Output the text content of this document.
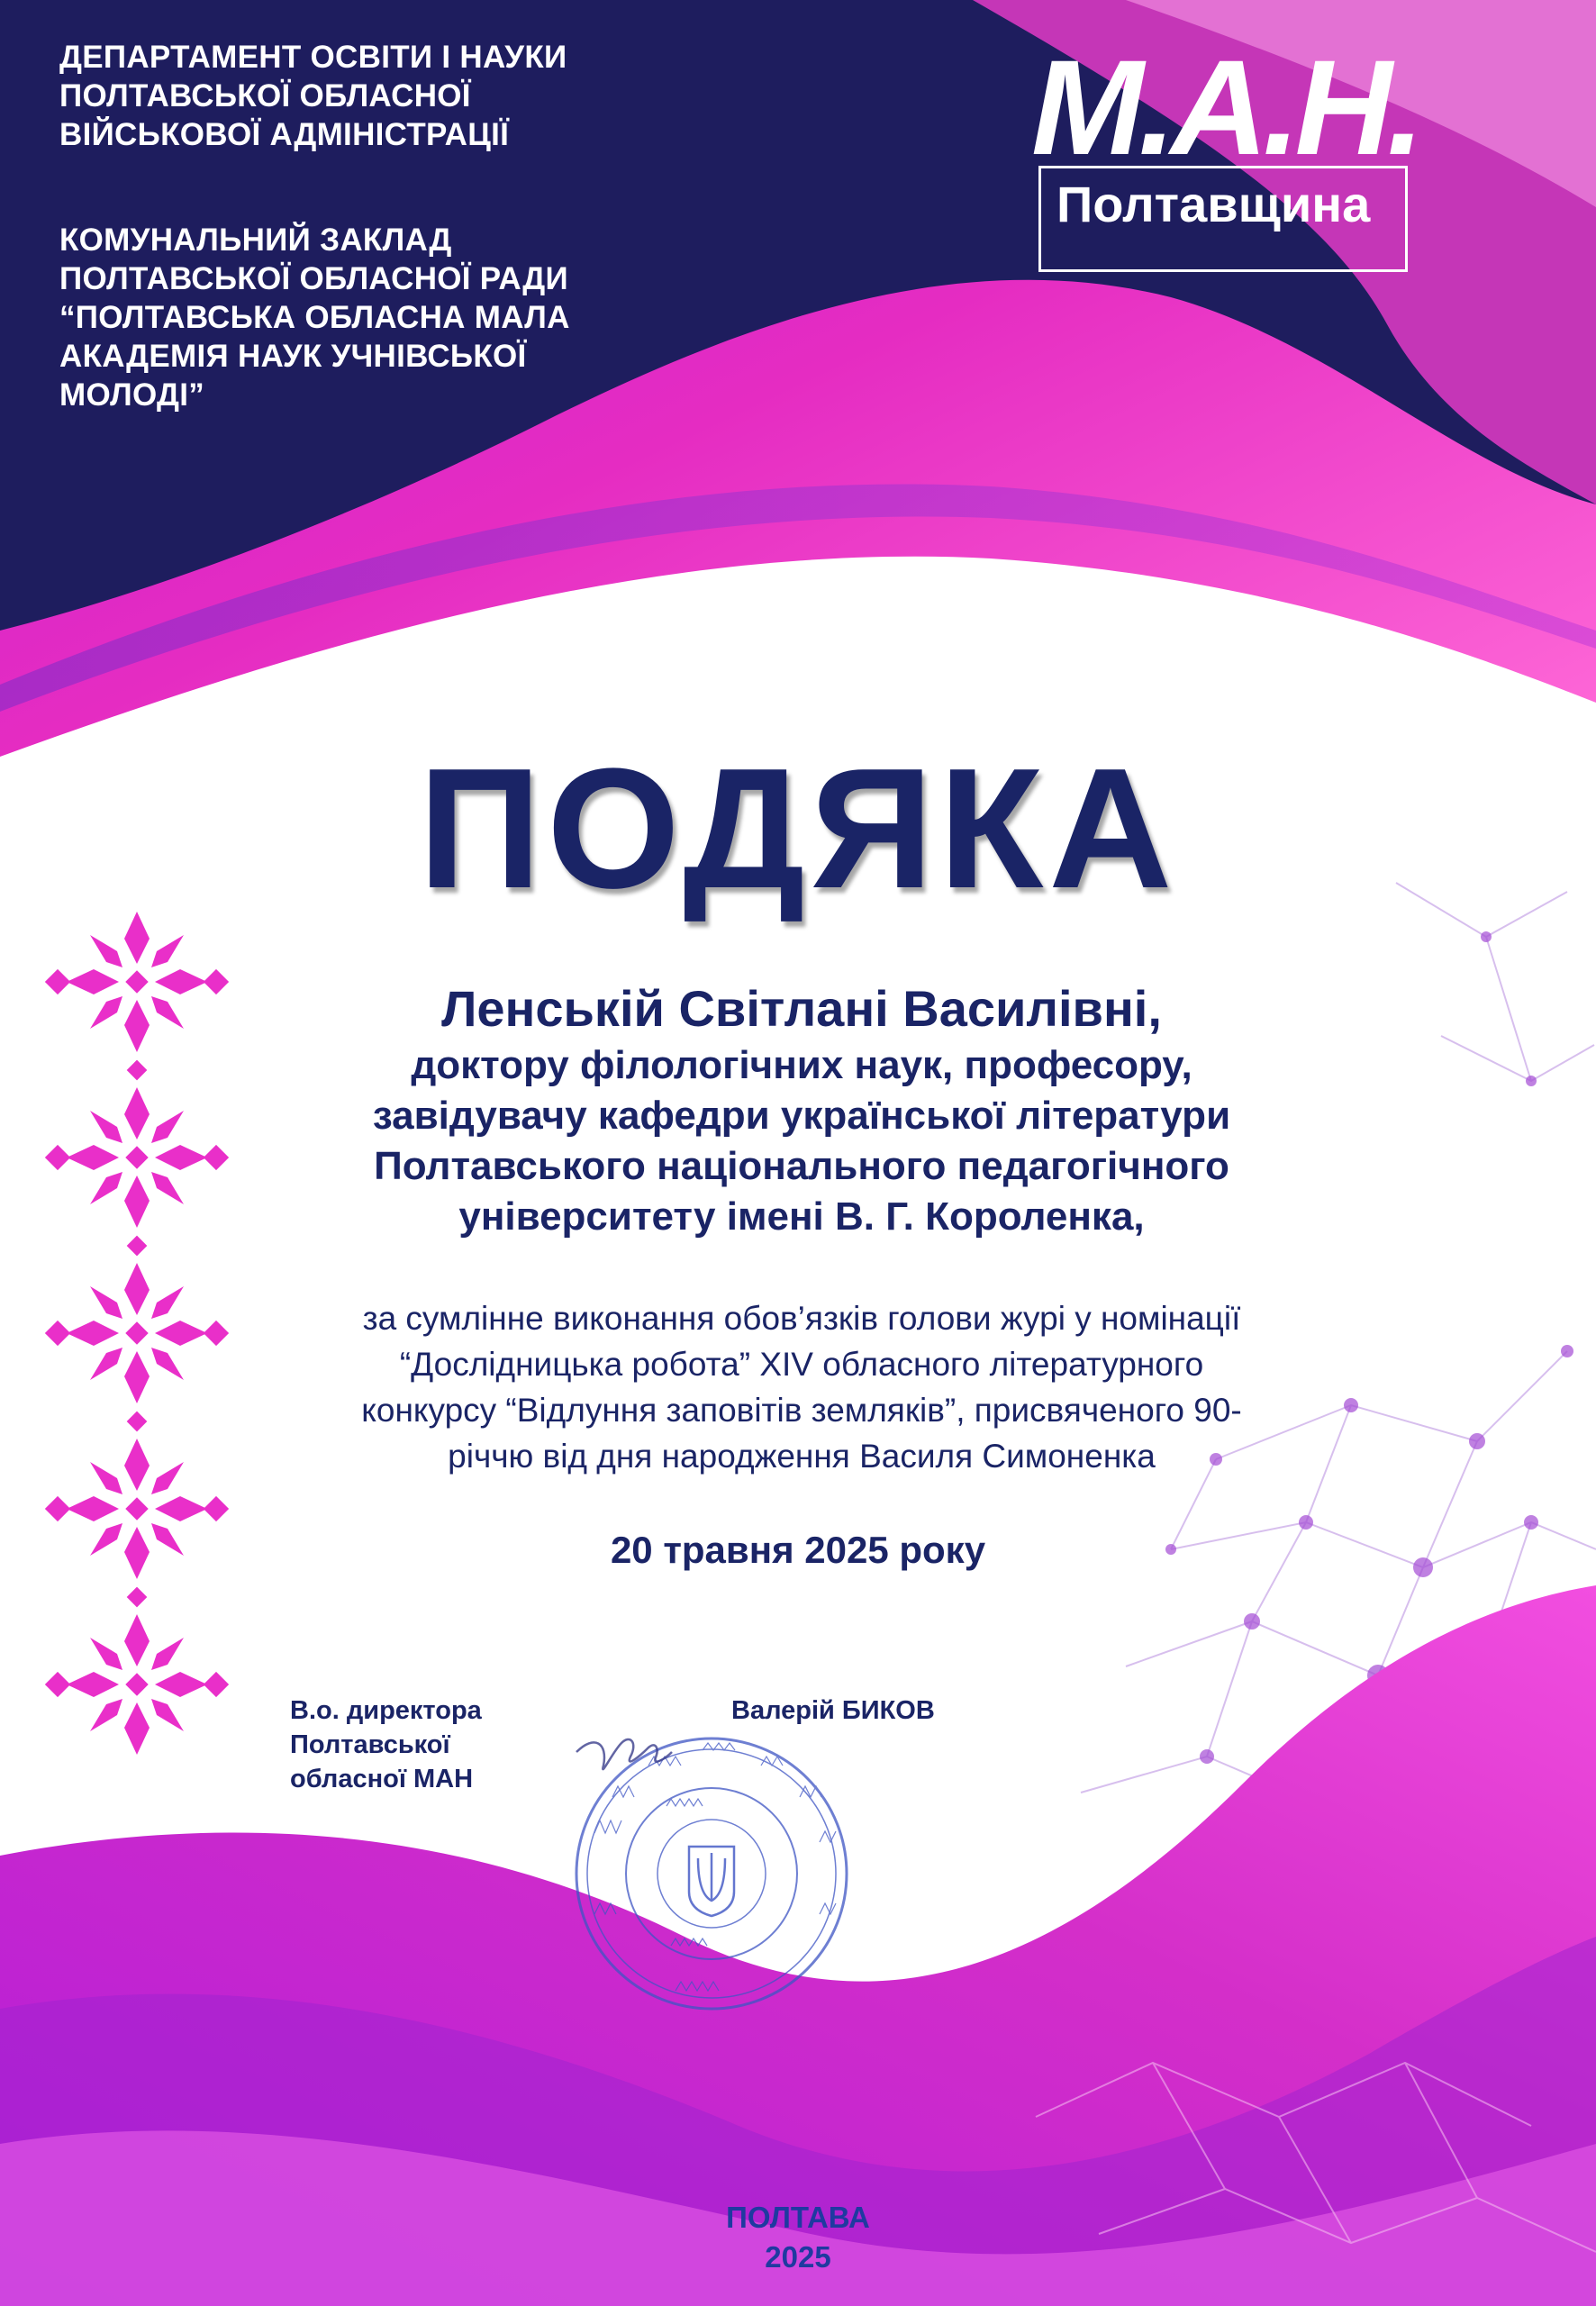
ДЕПАРТАМЕНТ ОСВІТИ І НАУКИ
ПОЛТАВСЬКОЇ ОБЛАСНОЇ
ВІЙСЬКОВОЇ АДМІНІСТРАЦІЇ
КОМУНАЛЬНИЙ ЗАКЛАД
ПОЛТАВСЬКОЇ ОБЛАСНОЇ РАДИ
“ПОЛТАВСЬКА ОБЛАСНА МАЛА
АКАДЕМІЯ НАУК УЧНІВСЬКОЇ
МОЛОДІ”
М.А.Н.
Полтавщина
ПОДЯКА
Ленській Світлані Василівні,
доктору філологічних наук, професору,
завідувачу кафедри української літератури
Полтавського національного педагогічного
університету імені В. Г. Короленка,
за сумлінне виконання обов’язків голови журі у номінації
“Дослідницька робота” XIV обласного літературного
конкурсу “Відлуння заповітів земляків”, присвяченого 90-
річчю від дня народження Василя Симоненка
20 травня 2025 року
В.о. директора
Полтавської
обласної МАН
Валерій БИКОВ
ПОЛТАВА
2025
